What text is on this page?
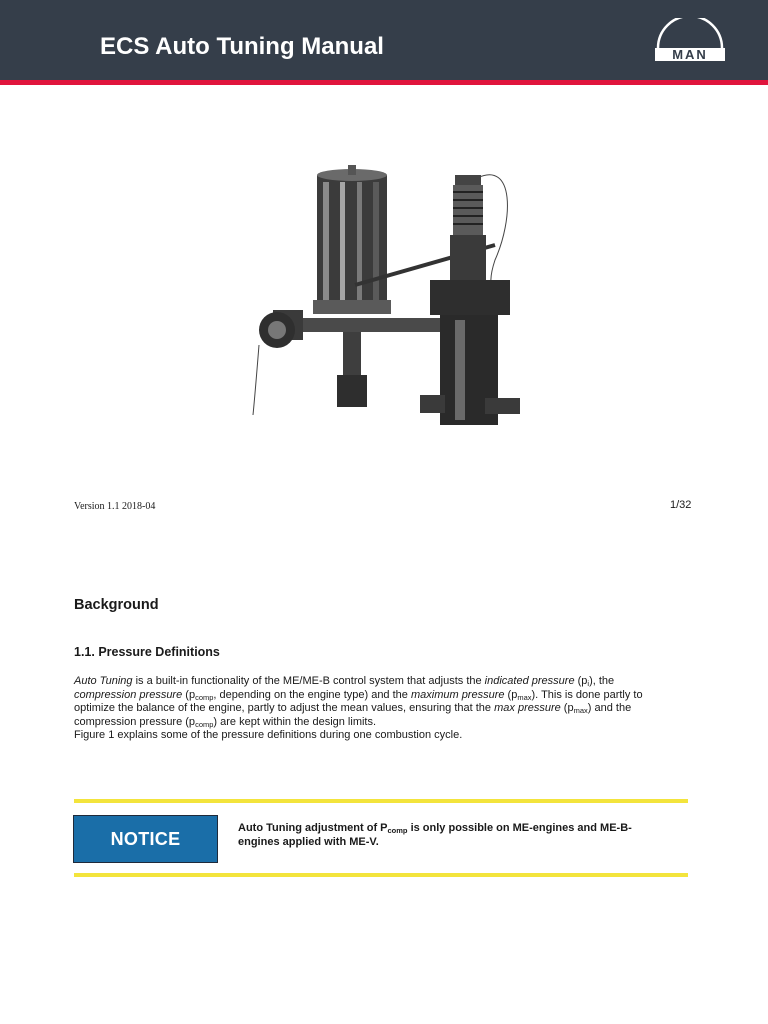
ECS Auto Tuning Manual	MAN
Version 1.1 2018-04	1/32
Background
1.1. Pressure Definitions
Auto Tuning is a built-in functionality of the ME/ME-B control system that adjusts the indicated pressure $(p_i)$, the
compression pressure ($p_{comp}$, depending on the engine type) and the maximum pressure $(p_{max})$. This is done partly to
optimize the balance of the engine, partly to adjust the mean values, ensuring that the max pressure $(p_{max})$ and the
compression pressure $(p_{comp})$ are kept within the design limits.
Figure 1 explains some of the pressure definitions during one combustion cycle.
NOTICE
Auto Tuning adjustment of $P_{comp}$ is only possible on ME-engines and ME-B-
engines applied with ME-V.
